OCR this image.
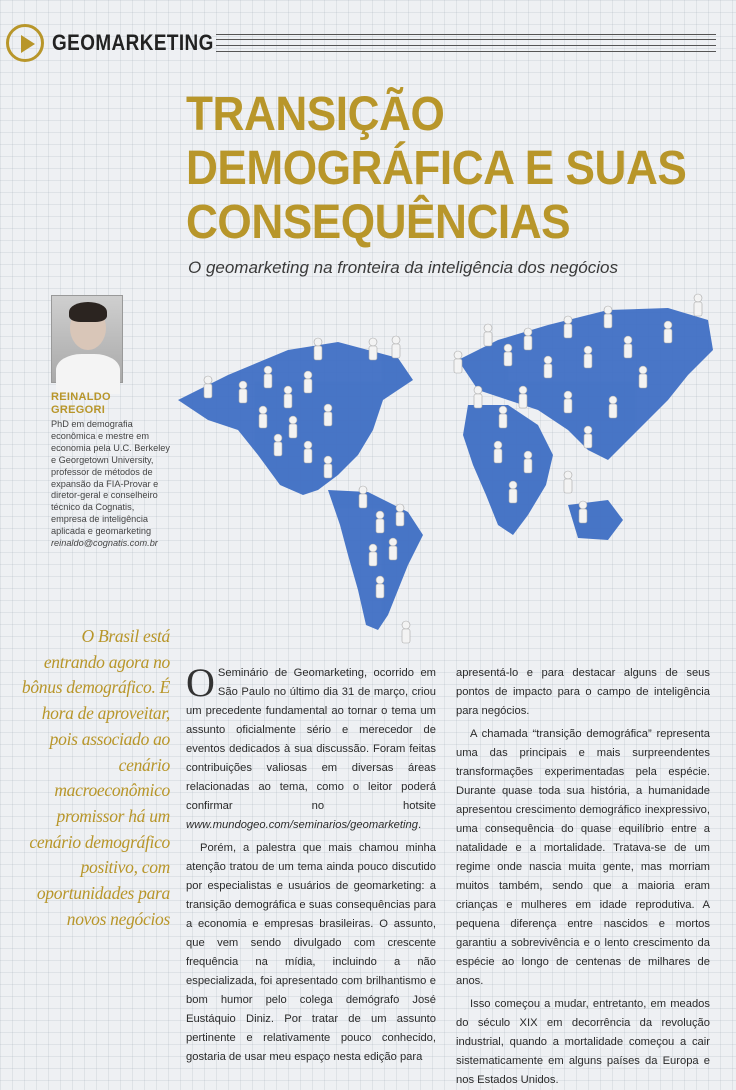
GEOMARKETING
TRANSIÇÃO
DEMOGRÁFICA E SUAS
CONSEQUÊNCIAS
O geomarketing na fronteira da inteligência dos negócios
REINALDO
GREGORI
PhD em demografia econômica e mestre em economia pela U.C. Berkeley e Georgetown University, professor de métodos de expansão da FIA-Provar e diretor-geral e conselheiro técnico da Cognatis, empresa de inteligência aplicada e geomarketing
reinaldo@cognatis.com.br
O Brasil está entrando agora no bônus demográfico. É hora de aproveitar, pois associado ao cenário macroeconômico promissor há um cenário demográfico positivo, com oportunidades para novos negócios

O Seminário de Geomarketing, ocorrido em São Paulo no último dia 31 de março, criou um precedente fundamental ao tornar o tema um assunto oficialmente sério e merecedor de eventos dedicados à sua discussão. Foram feitas contribuições valiosas em diversas áreas relacionadas ao tema, como o leitor poderá confirmar no hotsite www.mundogeo.com/seminarios/geomarketing.

Porém, a palestra que mais chamou minha atenção tratou de um tema ainda pouco discutido por especialistas e usuários de geomarketing: a transição demográfica e suas consequências para a economia e empresas brasileiras. O assunto, que vem sendo divulgado com crescente frequência na mídia, incluindo a não especializada, foi apresentado com brilhantismo e bom humor pelo colega demógrafo José Eustáquio Diniz. Por tratar de um assunto pertinente e relativamente pouco conhecido, gostaria de usar meu espaço nesta edição para

apresentá-lo e para destacar alguns de seus pontos de impacto para o campo de inteligência para negócios.

A chamada “transição demográfica” representa uma das principais e mais surpreendentes transformações experimentadas pela espécie. Durante quase toda sua história, a humanidade apresentou crescimento demográfico inexpressivo, uma consequência do quase equilíbrio entre a natalidade e a mortalidade. Tratava-se de um regime onde nascia muita gente, mas morriam muitos também, sendo que a maioria eram crianças e mulheres em idade reprodutiva. A pequena diferença entre nascidos e mortos garantiu a sobrevivência e o lento crescimento da espécie ao longo de centenas de milhares de anos.

Isso começou a mudar, entretanto, em meados do século XIX em decorrência da revolução industrial, quando a mortalidade começou a cair sistematicamente em alguns países da Europa e nos Estados Unidos.
